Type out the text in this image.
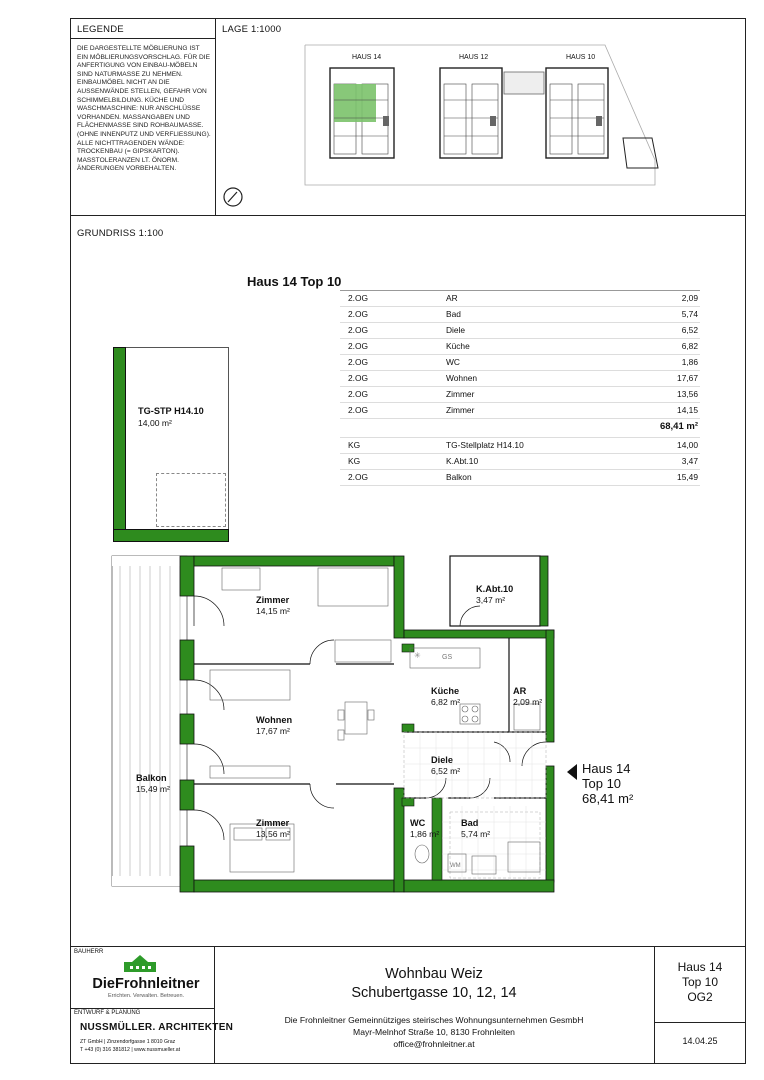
LEGENDE
DIE DARGESTELLTE MÖBLIERUNG IST EIN MÖBLIERUNGSVORSCHLAG. FÜR DIE ANFERTIGUNG VON EINBAU-MÖBELN SIND NATURMASSE ZU NEHMEN. EINBAUMÖBEL NICHT AN DIE AUSSENWÄNDE STELLEN, GEFAHR VON SCHIMMELBILDUNG. KÜCHE UND WASCHMASCHINE: NUR ANSCHLÜSSE VORHANDEN. MASSANGABEN UND FLÄCHENMASSE SIND ROHBAUMASSE. (OHNE INNENPUTZ UND VERFLIESSUNG). ALLE NICHTTRAGENDEN WÄNDE: TROCKENBAU (= GIPSKARTON). MASSTOLERANZEN LT. ÖNORM. ÄNDERUNGEN VORBEHALTEN.
LAGE 1:1000
HAUS 14	HAUS 12	HAUS 10
GRUNDRISS 1:100
Haus 14 Top 10
2.OG	AR	2,09
2.OG	Bad	5,74
2.OG	Diele	6,52
2.OG	Küche	6,82
2.OG	WC	1,86
2.OG	Wohnen	17,67
2.OG	Zimmer	13,56
2.OG	Zimmer	14,15
68,41 m²
KG	TG-Stellplatz H14.10	14,00
KG	K.Abt.10	3,47
2.OG	Balkon	15,49
TG-STP H14.10
14,00 m²
✳	GS
WM
Zimmer
14,15 m²
Wohnen
17,67 m²
Zimmer
13,56 m²
Balkon
15,49 m²
Küche
6,82 m²
AR
2,09 m²
Diele
6,52 m²
WC
1,86 m²
Bad
5,74 m²
K.Abt.10
3,47 m²
Haus 14
Top 10
68,41 m²
BAUHERR
DieFrohnleitner
Errichten. Verwalten. Betreuen.
ENTWURF & PLANUNG
NUSSMÜLLER. ARCHITEKTEN
ZT GmbH | Zinzendorfgasse 1 8010 Graz
T +43 (0) 316 381812 | www.nussmueller.at
Wohnbau Weiz
Schubertgasse 10, 12, 14
Die Frohnleitner Gemeinnütziges steirisches Wohnungsunternehmen GesmbH
Mayr-Melnhof Straße 10, 8130 Frohnleiten
office@frohnleitner.at
Haus 14
Top 10
OG2
14.04.25
